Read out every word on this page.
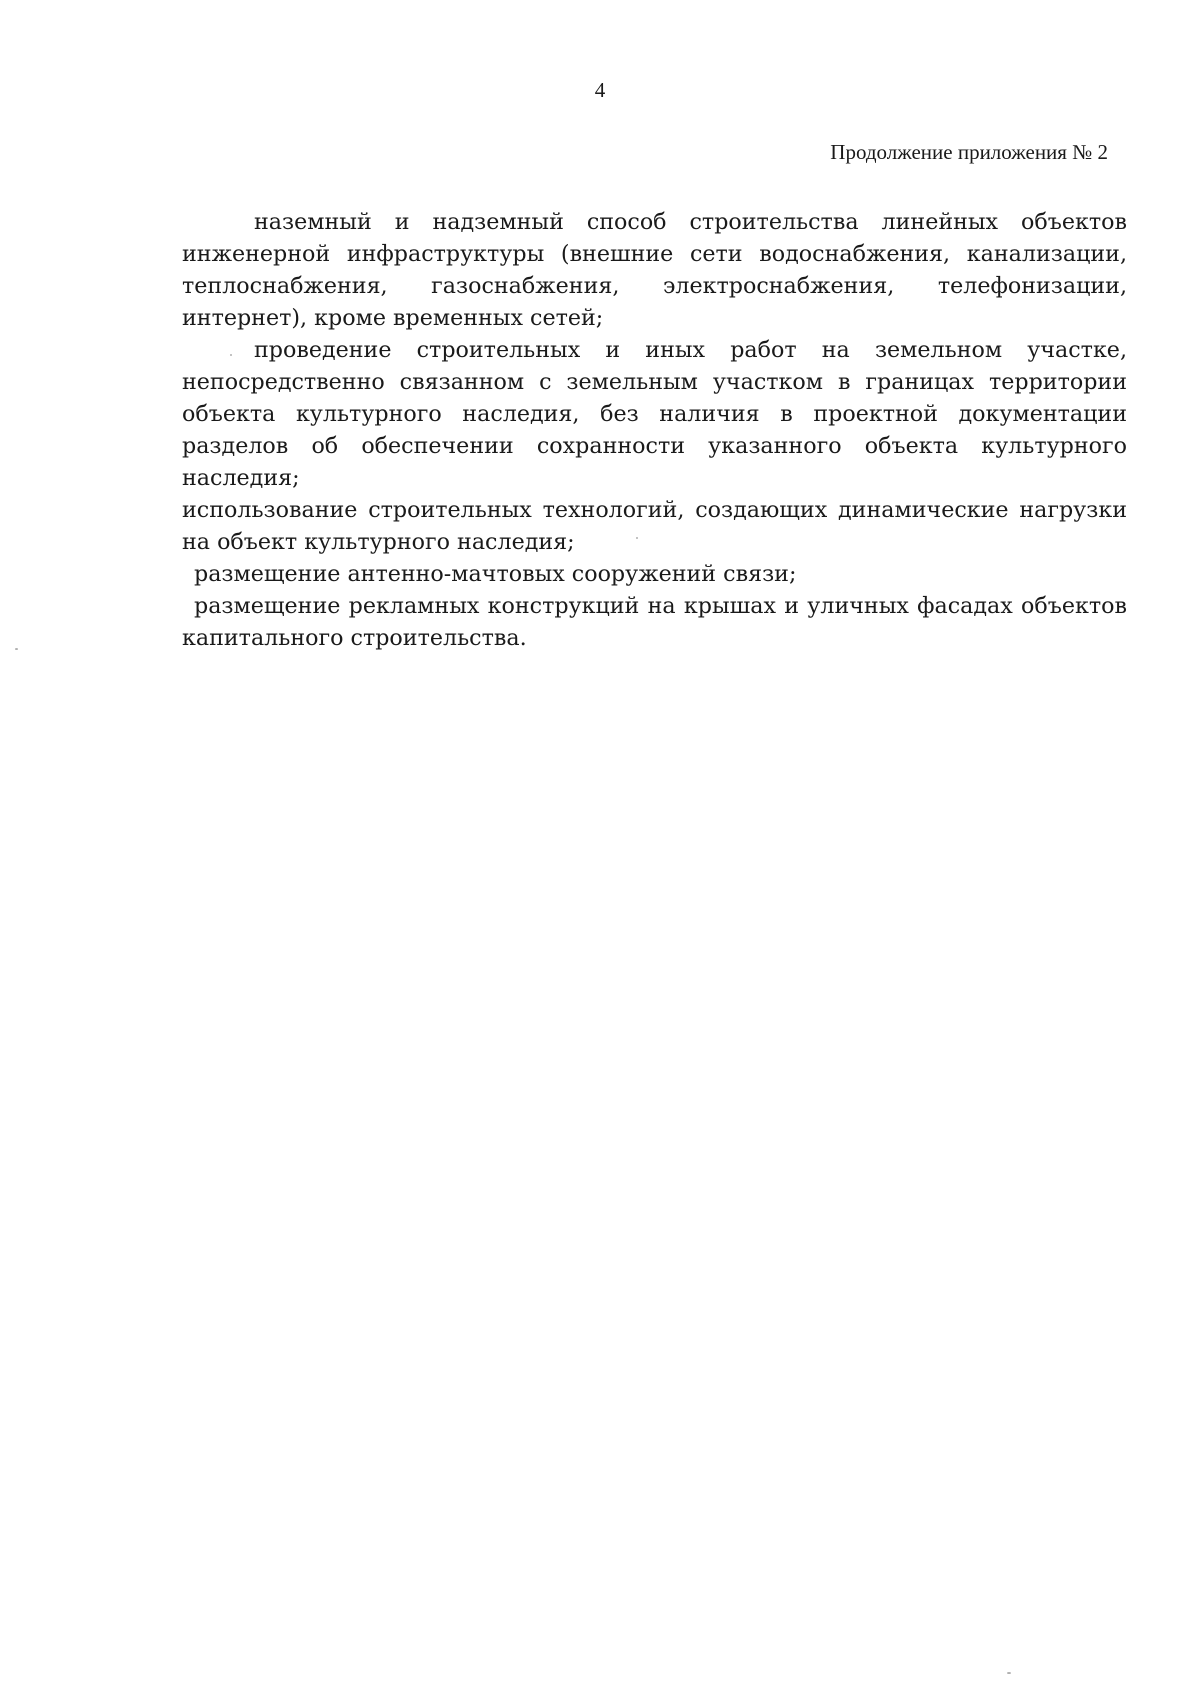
4
Продолжение приложения № 2

наземный и надземный способ строительства линейных объектов инженерной инфраструктуры (внешние сети водоснабжения, канализации, теплоснабжения, газоснабжения, электроснабжения, телефонизации, интернет), кроме временных сетей;

проведение строительных и иных работ на земельном участке, непосредственно связанном с земельным участком в границах территории объекта культурного наследия, без наличия в проектной документации разделов об обеспечении сохранности указанного объекта культурного наследия;

использование строительных технологий, создающих динамические нагрузки на объект культурного наследия;

размещение антенно-мачтовых сооружений связи;

размещение рекламных конструкций на крышах и уличных фасадах объектов капитального строительства.
